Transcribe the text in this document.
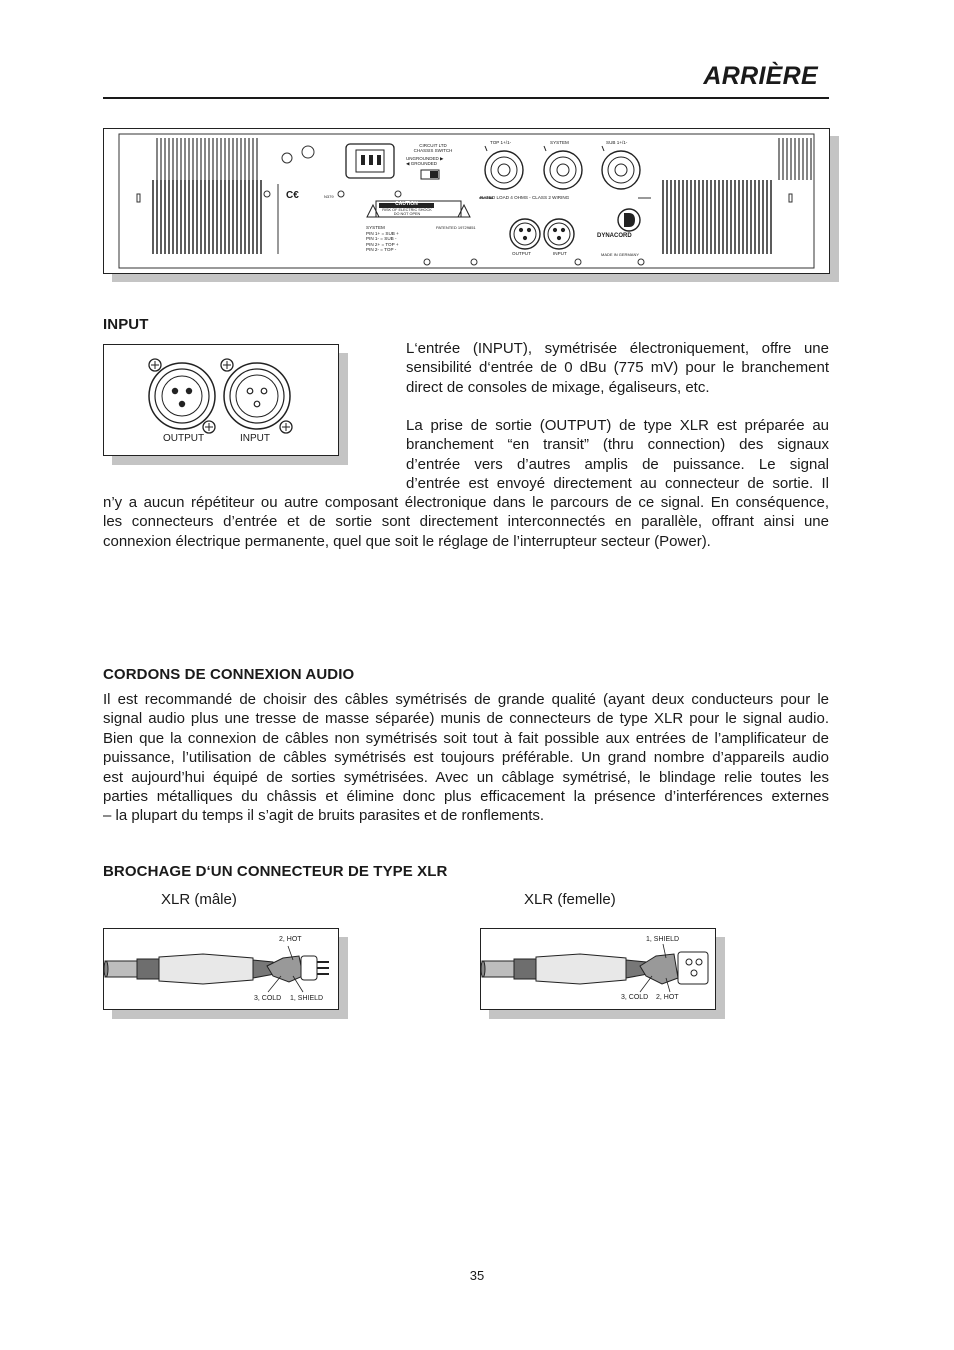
ARRIÈRE
CIRCUIT LTD
CHASSIS SWITCH
UNGROUNDED ▶
◀ GROUNDED
C€	N379
CAUTION
RISK OF ELECTRIC SHOCK
DO NOT OPEN
PATENTED 19729851
SYSTEM
PIN 1+ = SUB +
PIN 1- = SUB -
PIN 2+ = TOP +
PIN 2- = TOP -
TOP 1+/1-	SYSTEM	SUB 1+/1-
RATED LOAD 4 OHMS - CLASS 2 WIRING
OUTPUT	INPUT
DYNACORD
MADE IN GERMANY
INPUT
OUTPUT	INPUT
L‘entrée (INPUT), symétrisée électroniquement, offre une
sensibilité d‘entrée de 0 dBu (775 mV) pour le branchement
direct de consoles de mixage, égaliseurs, etc.
La prise de sortie (OUTPUT) de type XLR est préparée au
branchement “en transit” (thru connection) des signaux
d’entrée vers d’autres amplis de puissance. Le signal
d’entrée est envoyé directement au connecteur de sortie. Il
n’y a aucun répétiteur ou autre composant électronique dans le parcours de ce signal. En conséquence,
les connecteurs d’entrée et de sortie sont directement interconnectés en parallèle, offrant ainsi une
connexion électrique permanente, quel que soit le réglage de l’interrupteur secteur (Power).
CORDONS DE CONNEXION AUDIO
Il est recommandé de choisir des câbles symétrisés de grande qualité (ayant deux conducteurs pour le
signal audio plus une tresse de masse séparée) munis de connecteurs de type XLR pour le signal audio.
Bien que la connexion de câbles non symétrisés soit tout à fait possible aux entrées de l’amplificateur de
puissance, l’utilisation de câbles symétrisés est toujours préférable. Un grand nombre d’appareils audio
est aujourd’hui équipé de sorties symétrisées. Avec un câblage symétrisé, le blindage relie toutes les
parties métalliques du châssis et élimine donc plus efficacement la présence d’interférences externes
– la plupart du temps il s’agit de bruits parasites et de ronflements.
BROCHAGE D‘UN CONNECTEUR DE TYPE XLR
XLR (mâle)	XLR (femelle)
2, HOT
3, COLD 1, SHIELD
1, SHIELD
3, COLD 2, HOT
35
